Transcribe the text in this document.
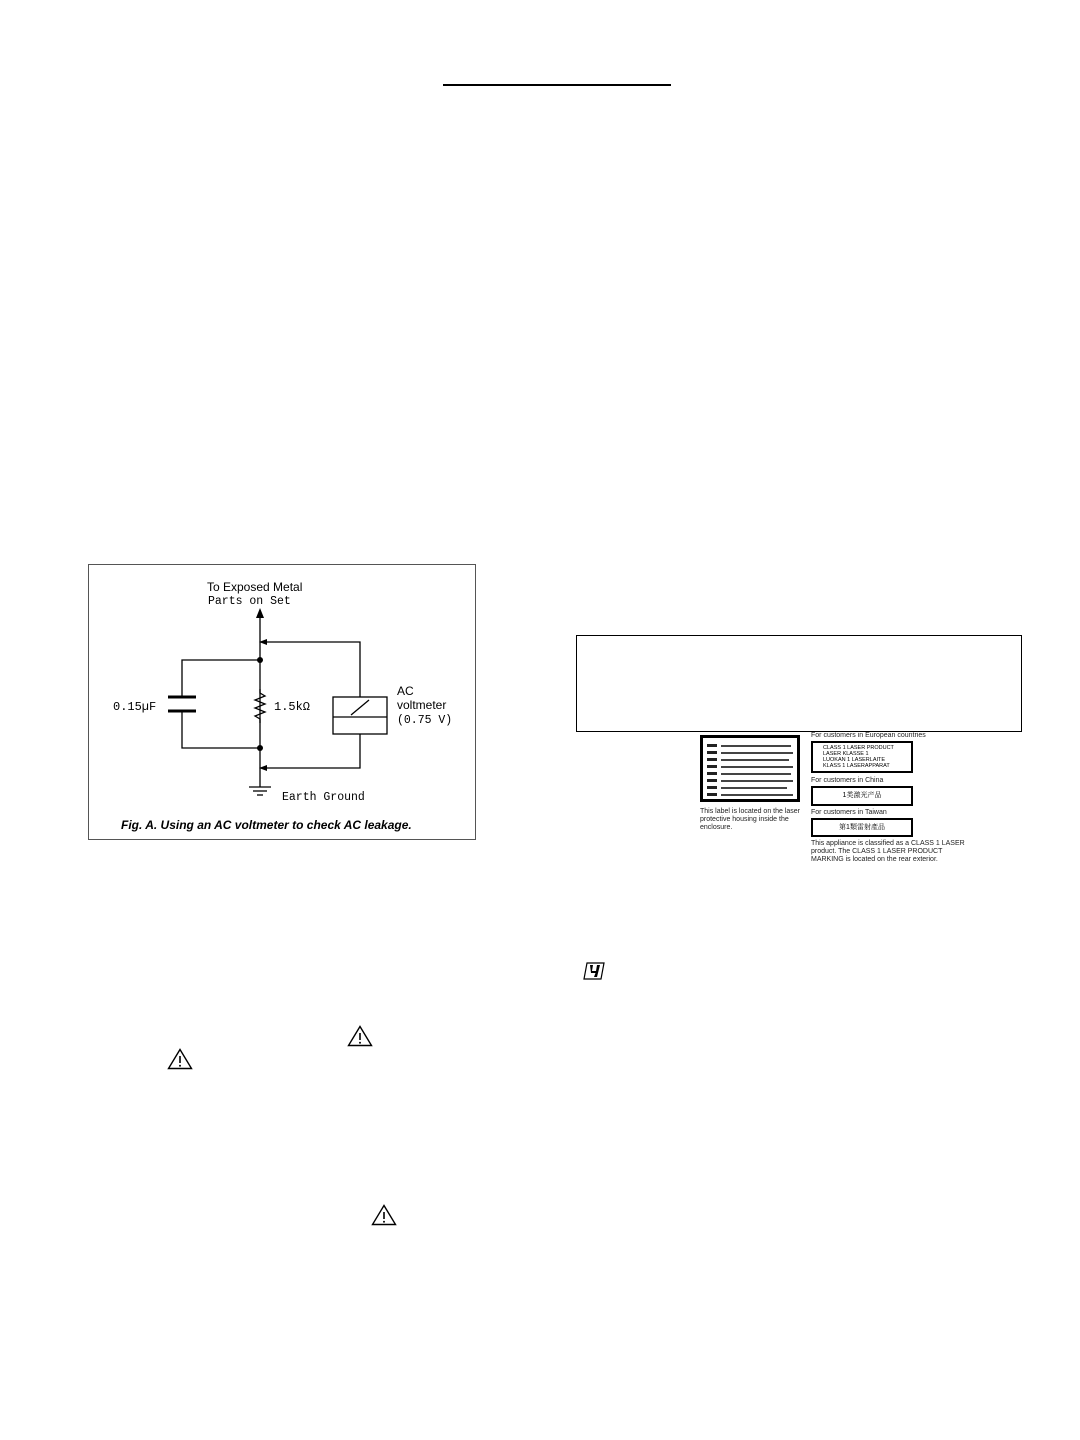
To Exposed Metal
Parts on Set
0.15µF	1.5kΩ
AC
voltmeter
(0.75 V)
Earth Ground
Fig. A. Using an AC voltmeter to check AC leakage.
This label is located on the laser
protective housing inside the
enclosure.
For customers in European countries
CLASS 1 LASER PRODUCT
LASER KLASSE 1
LUOKAN 1 LASERLAITE
KLASS 1 LASERAPPARAT
For customers in China
1类激光产品
For customers in Taiwan
第1類雷射產品
This appliance is classified as a CLASS 1 LASER
product. The CLASS 1 LASER PRODUCT
MARKING is located on the rear exterior.
